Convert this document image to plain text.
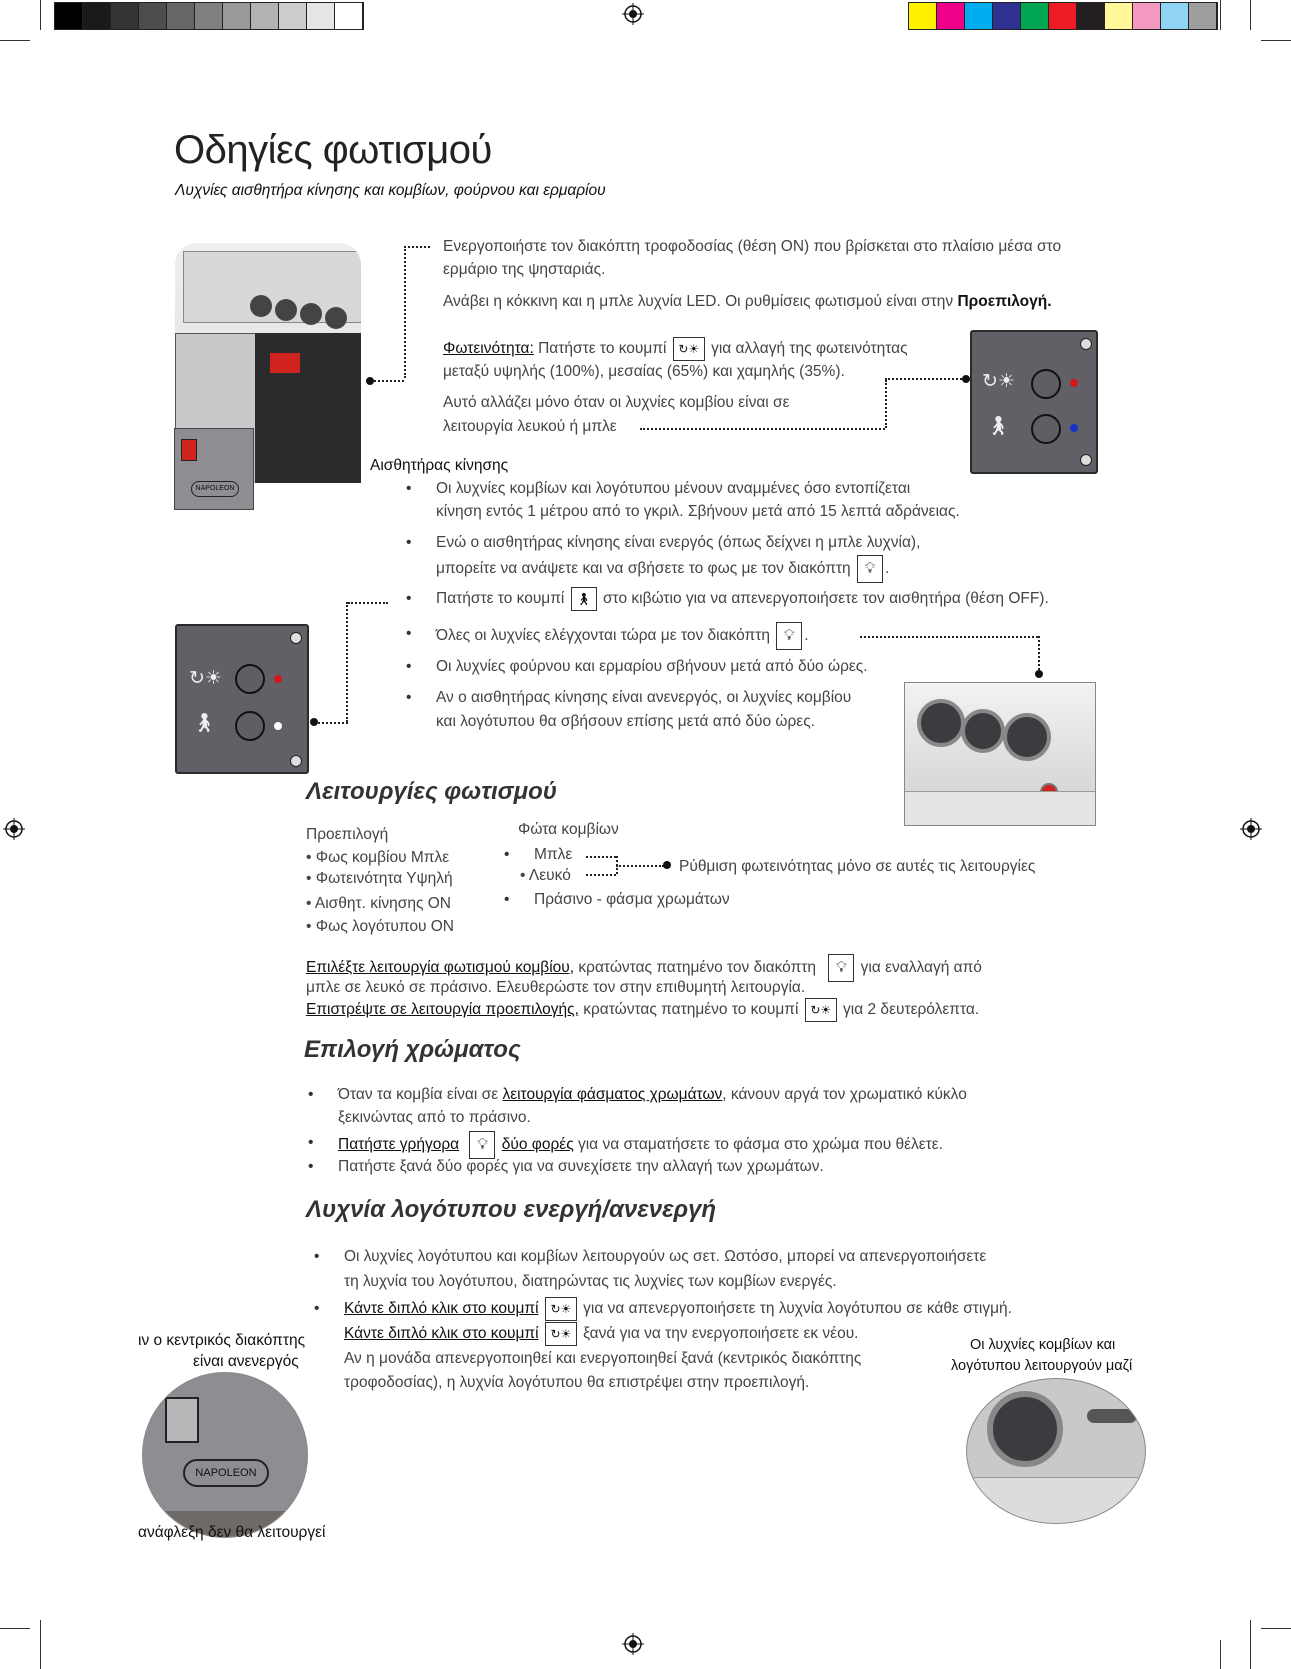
Οδηγίες φωτισμού
Λυχνίες αισθητήρα κίνησης και κομβίων, φούρνου και ερμαρίου
NAPOLEON
Ενεργοποιήστε τον διακόπτη τροφοδοσίας (θέση ON) που βρίσκεται στο πλαίσιο μέσα στο
ερμάριο της ψησταριάς.
Ανάβει η κόκκινη και η μπλε λυχνία LED. Οι ρυθμίσεις φωτισμού είναι στην Προεπιλογή.
Φωτεινότητα: Πατήστε το κουμπί ↻☀ για αλλαγή της φωτεινότητας
μεταξύ υψηλής (100%), μεσαίας (65%) και χαμηλής (35%).
Αυτό αλλάζει μόνο όταν οι λυχνίες κομβίου είναι σε
λειτουργία λευκού ή μπλε
↻☀
🚶︎
Αισθητήρας κίνησης
• Οι λυχνίες κομβίων και λογότυπου μένουν αναμμένες όσο εντοπίζεται
κίνηση εντός 1 μέτρου από το γκριλ. Σβήνουν μετά από 15 λεπτά αδράνειας.
• Ενώ ο αισθητήρας κίνησης είναι ενεργός (όπως δείχνει η μπλε λυχνία),
μπορείτε να ανάψετε και να σβήσετε το φως με τον διακόπτη 💡︎ .
• Πατήστε το κουμπί 🚶︎ στο κιβώτιο για να απενεργοποιήσετε τον αισθητήρα (θέση OFF).
• Όλες οι λυχνίες ελέγχονται τώρα με τον διακόπτη 💡︎ .
• Οι λυχνίες φούρνου και ερμαρίου σβήνουν μετά από δύο ώρες.
• Αν ο αισθητήρας κίνησης είναι ανενεργός, οι λυχνίες κομβίου
και λογότυπου θα σβήσουν επίσης μετά από δύο ώρες.
↻☀
🚶︎
Λειτουργίες φωτισμού
Προεπιλογή
• Φως κομβίου Μπλε
• Φωτεινότητα Υψηλή
• Αισθητ. κίνησης ON
• Φως λογότυπου ON
Φώτα κομβίων
• Μπλε
• Λευκό
• Πράσινο - φάσμα χρωμάτων
Ρύθμιση φωτεινότητας μόνο σε αυτές τις λειτουργίες
Επιλέξτε λειτουργία φωτισμού κομβίου, κρατώντας πατημένο τον διακόπτη 💡︎ για εναλλαγή από
μπλε σε λευκό σε πράσινο. Ελευθερώστε τον στην επιθυμητή λειτουργία.
Επιστρέψτε σε λειτουργία προεπιλογής, κρατώντας πατημένο το κουμπί ↻☀ για 2 δευτερόλεπτα.
Επιλογή χρώματος
• Όταν τα κομβία είναι σε λειτουργία φάσματος χρωμάτων, κάνουν αργά τον χρωματικό κύκλο
ξεκινώντας από το πράσινο.
• Πατήστε γρήγορα 💡︎ δύο φορές για να σταματήσετε το φάσμα στο χρώμα που θέλετε.
• Πατήστε ξανά δύο φορές για να συνεχίσετε την αλλαγή των χρωμάτων.
Λυχνία λογότυπου ενεργή/ανενεργή
• Οι λυχνίες λογότυπου και κομβίων λειτουργούν ως σετ. Ωστόσο, μπορεί να απενεργοποιήσετε
τη λυχνία του λογότυπου, διατηρώντας τις λυχνίες των κομβίων ενεργές.
• Κάντε διπλό κλικ στο κουμπί ↻☀ για να απενεργοποιήσετε τη λυχνία λογότυπου σε κάθε στιγμή.
Κάντε διπλό κλικ στο κουμπί ↻☀ ξανά για να την ενεργοποιήσετε εκ νέου.
Αν η μονάδα απενεργοποιηθεί και ενεργοποιηθεί ξανά (κεντρικός διακόπτης
τροφοδοσίας), η λυχνία λογότυπου θα επιστρέψει στην προεπιλογή.
ιν ο κεντρικός διακόπτης
είναι ανενεργός
NAPOLEON
ανάφλεξη δεν θα λειτουργεί
Οι λυχνίες κομβίων και
λογότυπου λειτουργούν μαζί
